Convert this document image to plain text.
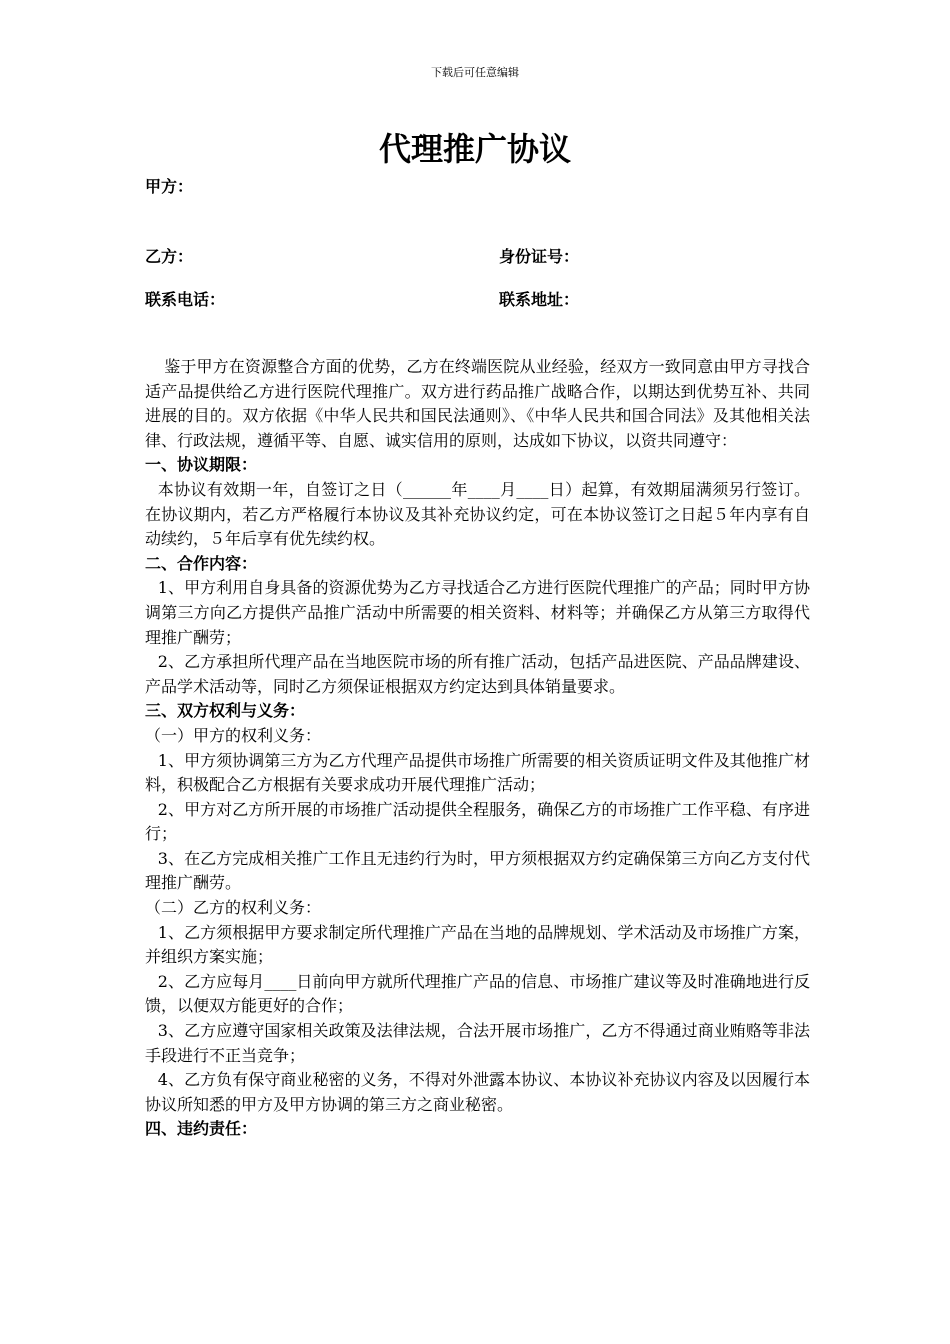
下载后可任意编辑
代理推广协议
甲方：
乙方：	身份证号：
联系电话：	联系地址：

鉴于甲方在资源整合方面的优势，乙方在终端医院从业经验，经双方一致同意由甲方寻找合适产品提供给乙方进行医院代理推广。双方进行药品推广战略合作，以期达到优势互补、共同进展的目的。双方依据《中华人民共和国民法通则》、《中华人民共和国合同法》及其他相关法律、行政法规，遵循平等、自愿、诚实信用的原则，达成如下协议，以资共同遵守：

一、协议期限：

本协议有效期一年，自签订之日（______年____月____日）起算，有效期届满须另行签订。在协议期内，若乙方严格履行本协议及其补充协议约定，可在本协议签订之日起５年内享有自动续约，５年后享有优先续约权。

二、合作内容：

1、甲方利用自身具备的资源优势为乙方寻找适合乙方进行医院代理推广的产品；同时甲方协调第三方向乙方提供产品推广活动中所需要的相关资料、材料等；并确保乙方从第三方取得代理推广酬劳；

2、乙方承担所代理产品在当地医院市场的所有推广活动，包括产品进医院、产品品牌建设、产品学术活动等，同时乙方须保证根据双方约定达到具体销量要求。

三、双方权利与义务：

（一）甲方的权利义务：

1、甲方须协调第三方为乙方代理产品提供市场推广所需要的相关资质证明文件及其他推广材料，积极配合乙方根据有关要求成功开展代理推广活动；

2、甲方对乙方所开展的市场推广活动提供全程服务，确保乙方的市场推广工作平稳、有序进行；

3、在乙方完成相关推广工作且无违约行为时，甲方须根据双方约定确保第三方向乙方支付代理推广酬劳。

（二）乙方的权利义务：

1、乙方须根据甲方要求制定所代理推广产品在当地的品牌规划、学术活动及市场推广方案，并组织方案实施；

2、乙方应每月____日前向甲方就所代理推广产品的信息、市场推广建议等及时准确地进行反馈，以便双方能更好的合作；

3、乙方应遵守国家相关政策及法律法规，合法开展市场推广，乙方不得通过商业贿赂等非法手段进行不正当竞争；

4、乙方负有保守商业秘密的义务，不得对外泄露本协议、本协议补充协议内容及以因履行本协议所知悉的甲方及甲方协调的第三方之商业秘密。

四、违约责任：
